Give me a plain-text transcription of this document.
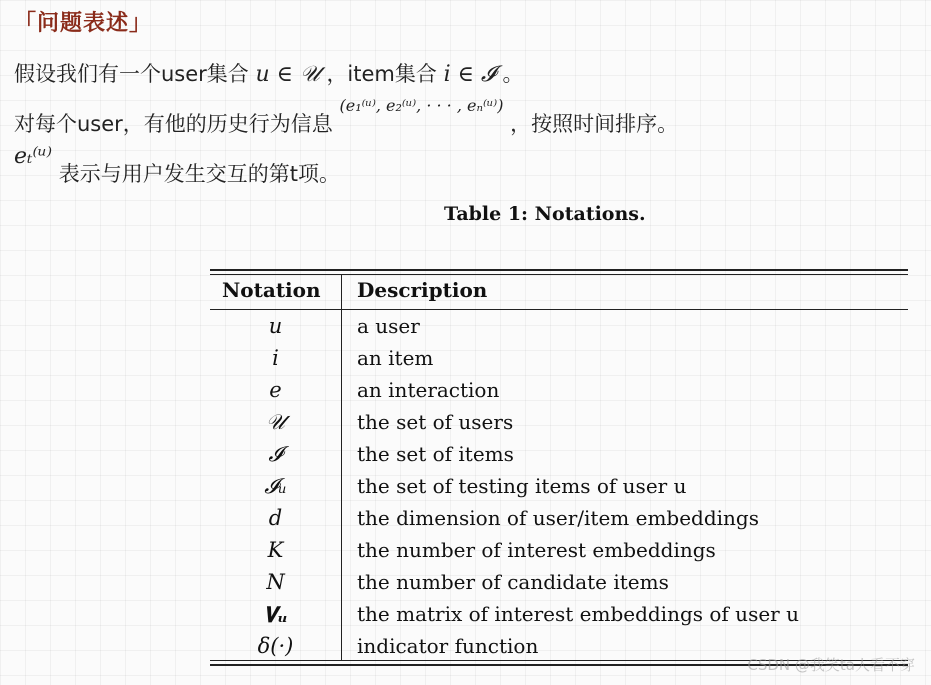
「问题表述」
假设我们有一个user集合 u ∈ 𝒰 ，item集合 i ∈ 𝓘 。
对每个user，有他的历史行为信息 (e₁⁽ᵘ⁾, e₂⁽ᵘ⁾, · · · , eₙ⁽ᵘ⁾) ，按照时间排序。
eₜ⁽ᵘ⁾ 表示与用户发生交互的第t项。
Table 1: Notations.
Notation Description
u	a user
i	an item
e	an interaction
𝒰	the set of users
𝓘	the set of items
𝓘ᵤ	the set of testing items of user u
d	the dimension of user/item embeddings
K	the number of interest embeddings
N	the number of candidate items
𝐕ᵤ	the matrix of interest embeddings of user u
δ(·)	indicator function
CSDN @我笑ta人看不穿
